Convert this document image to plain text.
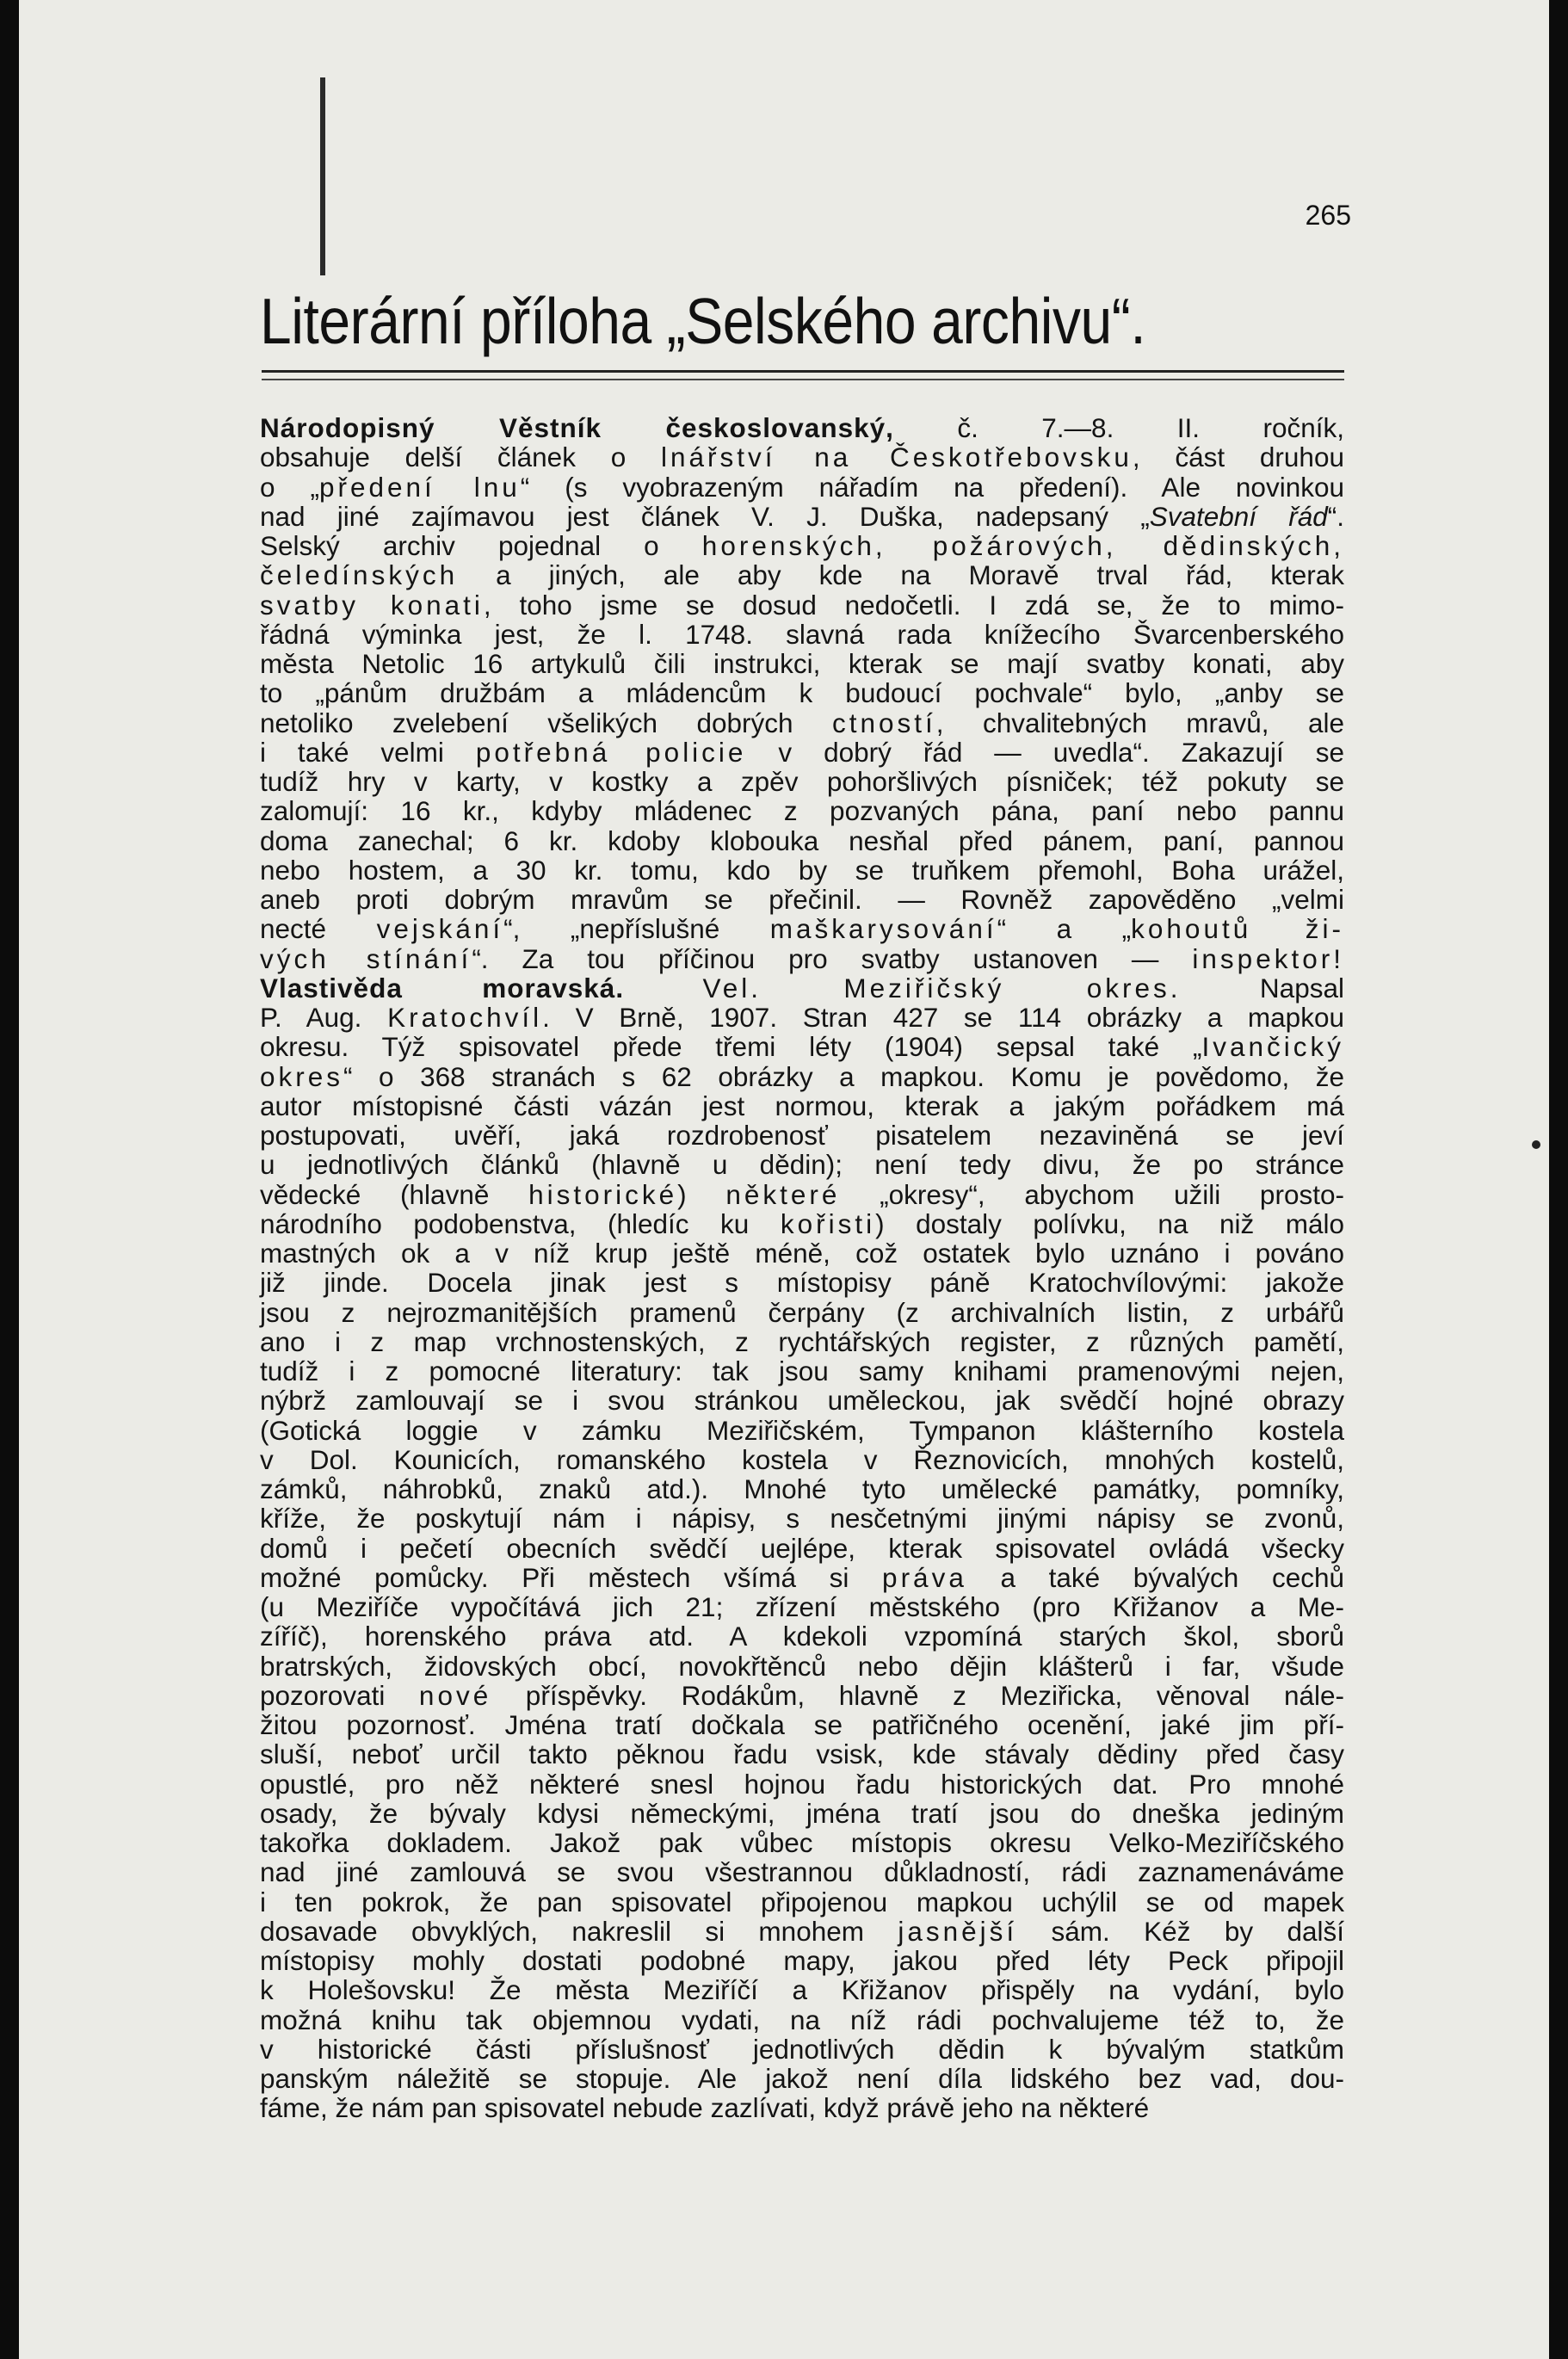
265
Literární příloha „Selského archivu“.
Národopisný Věstník českoslovanský, č. 7.—8. II. ročník,
obsahuje delší článek o lnářství na Českotřebovsku, část druhou
o „předení lnu“ (s vyobrazeným nářadím na předení). Ale novinkou
nad jiné zajímavou jest článek V. J. Duška, nadepsaný „Svatební řád“.
Selský archiv pojednal o horenských, požárových, dědinských,
čeledínských a jiných, ale aby kde na Moravě trval řád, kterak
svatby konati, toho jsme se dosud nedočetli. I zdá se, že to mimo-
řádná výminka jest, že l. 1748. slavná rada knížecího Švarcenberského
města Netolic 16 artykulů čili instrukci, kterak se mají svatby konati, aby
to „pánům družbám a mládencům k budoucí pochvale“ bylo, „anby se
netoliko zvelebení všelikých dobrých ctností, chvalitebných mravů, ale
i také velmi potřebná policie v dobrý řád — uvedla“. Zakazují se
tudíž hry v karty, v kostky a zpěv pohoršlivých písniček; též pokuty se
zalomují: 16 kr., kdyby mládenec z pozvaných pána, paní nebo pannu
doma zanechal; 6 kr. kdoby klobouka nesňal před pánem, paní, pannou
nebo hostem, a 30 kr. tomu, kdo by se truňkem přemohl, Boha urážel,
aneb proti dobrým mravům se přečinil. — Rovněž zapověděno „velmi
necté vejskání“, „nepříslušné maškarysování“ a „kohoutů ži-
vých stínání“. Za tou příčinou pro svatby ustanoven — inspektor!
Vlastivěda moravská.	Vel. Meziřičský okres. Napsal
P. Aug. Kratochvíl. V Brně, 1907. Stran 427 se 114 obrázky a mapkou
okresu. Týž spisovatel přede třemi léty (1904) sepsal také „Ivančický
okres“ o 368 stranách s 62 obrázky a mapkou. Komu je povědomo, že
autor místopisné části vázán jest normou, kterak a jakým pořádkem má
postupovati, uvěří, jaká rozdrobenosť pisatelem nezaviněná se jeví
u jednotlivých článků (hlavně u dědin); není tedy divu, že po stránce
vědecké (hlavně historické) některé „okresy“, abychom užili prosto-
národního podobenstva, (hledíc ku kořisti) dostaly polívku, na niž málo
mastných ok a v níž krup ještě méně, což ostatek bylo uznáno i pováno
již jinde. Docela jinak jest s místopisy páně Kratochvílovými: jakože
jsou z nejrozmanitějších pramenů čerpány (z archivalních listin, z urbářů
ano i z map vrchnostenských, z rychtářských register, z různých pamětí,
tudíž i z pomocné literatury: tak jsou samy knihami pramenovými nejen,
nýbrž zamlouvají se i svou stránkou uměleckou, jak svědčí hojné obrazy
(Gotická loggie v zámku Meziřičském, Tympanon klášterního kostela
v Dol. Kounicích, romanského kostela v Řeznovicích, mnohých kostelů,
zámků, náhrobků, znaků atd.). Mnohé tyto umělecké památky, pomníky,
kříže, že poskytují nám i nápisy, s nesčetnými jinými nápisy se zvonů,
domů i pečetí obecních svědčí uejlépe, kterak spisovatel ovládá všecky
možné pomůcky. Při městech všímá si práva a také bývalých cechů
(u Meziříče vypočítává jich 21; zřízení městského (pro Křižanov a Me-
zíříč), horenského práva atd. A kdekoli vzpomíná starých škol, sborů
bratrských, židovských obcí, novokřtěnců nebo dějin klášterů i far, všude
pozorovati nové příspěvky. Rodákům, hlavně z Meziřicka, věnoval nále-
žitou pozornosť. Jména tratí dočkala se patřičného ocenění, jaké jim pří-
sluší, neboť určil takto pěknou řadu vsisk, kde stávaly dědiny před časy
opustlé, pro něž některé snesl hojnou řadu historických dat. Pro mnohé
osady, že bývaly kdysi německými, jména tratí jsou do dneška jediným
takořka dokladem. Jakož pak vůbec místopis okresu Velko-Meziříčského
nad jiné zamlouvá se svou všestrannou důkladností, rádi zaznamenáváme
i ten pokrok, že pan spisovatel připojenou mapkou uchýlil se od mapek
dosavade obvyklých, nakreslil si mnohem jasnější sám. Kéž by další
místopisy mohly dostati podobné mapy, jakou před léty Peck připojil
k Holešovsku! Že města Meziříčí a Křižanov přispěly na vydání, bylo
možná knihu tak objemnou vydati, na níž rádi pochvalujeme též to, že
v historické části příslušnosť jednotlivých dědin k bývalým statkům
panským náležitě se stopuje. Ale jakož není díla lidského bez vad, dou-
fáme, že nám pan spisovatel nebude zazlívati, když právě jeho na některé
